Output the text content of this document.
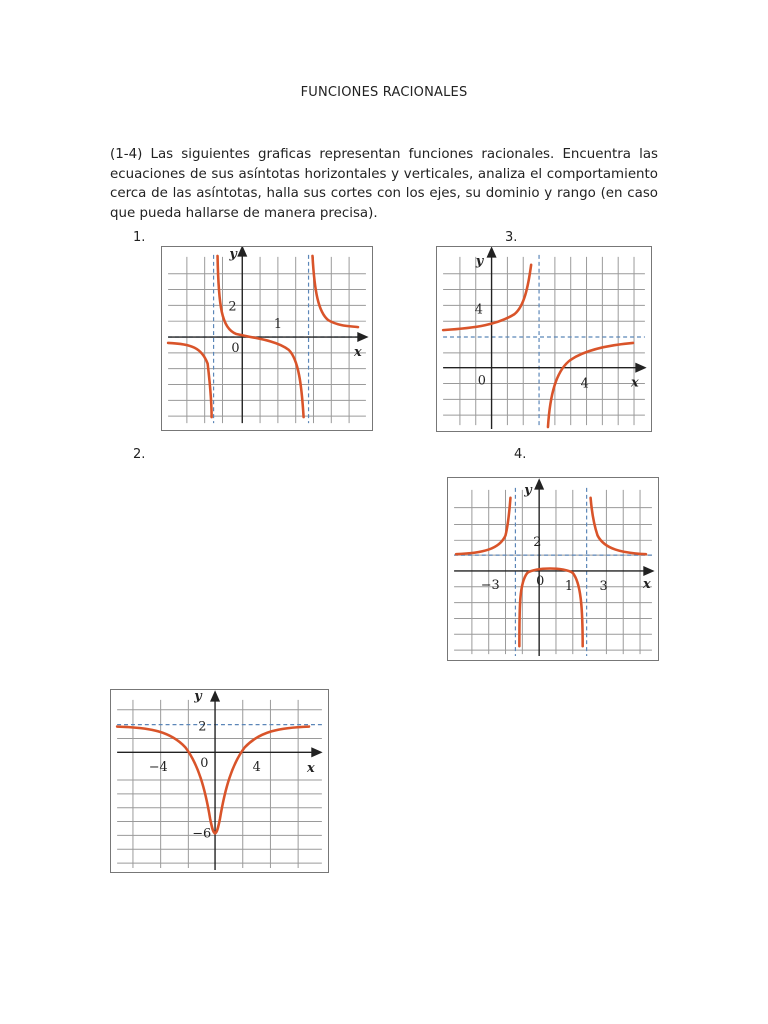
FUNCIONES RACIONALES
(1-4) Las siguientes graficas representan funciones racionales. Encuentra las ecuaciones de sus asíntotas horizontales y verticales, analiza el comportamiento cerca de las asíntotas, halla sus cortes con los ejes, su dominio y rango (en caso que pueda hallarse de manera precisa).
1.	3.
2.	4.
y
x
0
2
1
y
x
0
4
4
y
x
0
2
−3	1 3
y
x
0
2
−6
−4	4
